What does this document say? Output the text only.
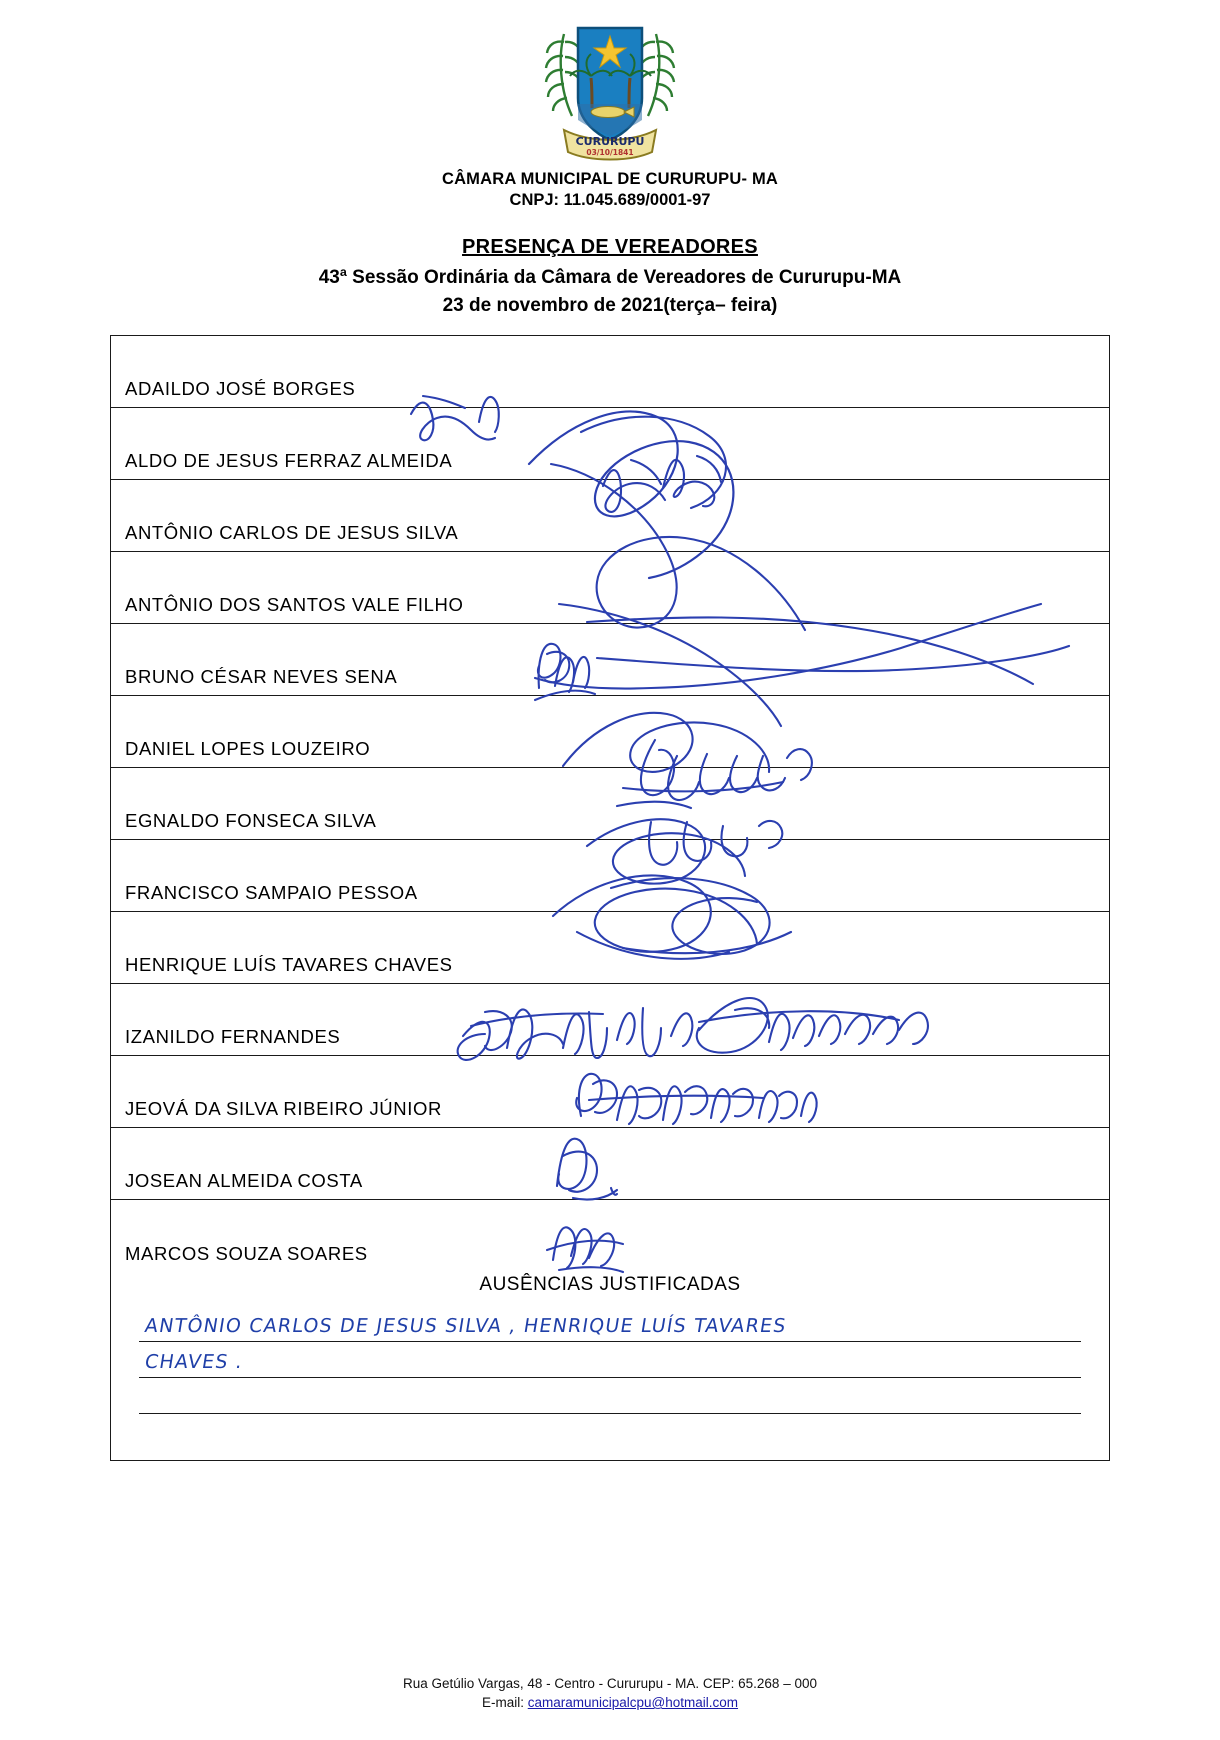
CURURUPU
03/10/1841
CÂMARA MUNICIPAL DE CURURUPU- MA
CNPJ: 11.045.689/0001-97
PRESENÇA DE VEREADORES
43ª Sessão Ordinária da Câmara de Vereadores de Cururupu-MA
23 de novembro de 2021(terça– feira)
ADAILDO JOSÉ BORGES
ALDO DE JESUS FERRAZ ALMEIDA
ANTÔNIO CARLOS DE JESUS SILVA
ANTÔNIO DOS SANTOS VALE FILHO
BRUNO CÉSAR NEVES SENA
DANIEL LOPES LOUZEIRO
EGNALDO FONSECA SILVA
FRANCISCO SAMPAIO PESSOA
HENRIQUE LUÍS TAVARES CHAVES
IZANILDO FERNANDES
JEOVÁ DA SILVA RIBEIRO JÚNIOR
JOSEAN ALMEIDA COSTA
MARCOS SOUZA SOARES
AUSÊNCIAS JUSTIFICADAS
ANTÔNIO CARLOS DE JESUS SILVA , HENRIQUE LUÍS TAVARES
CHAVES .
Rua Getúlio Vargas, 48 - Centro - Cururupu - MA. CEP: 65.268 – 000
E-mail: camaramunicipalcpu@hotmail.com
